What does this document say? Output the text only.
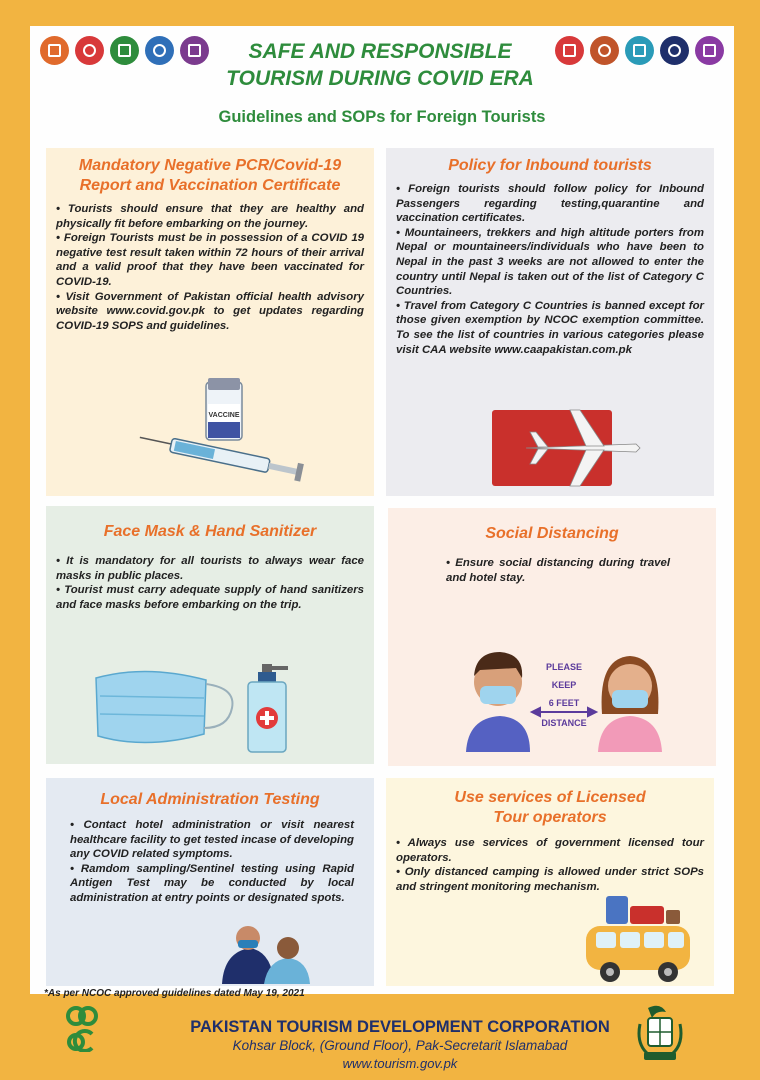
SAFE AND RESPONSIBLE
TOURISM DURING COVID ERA
Guidelines and SOPs for Foreign Tourists
Mandatory Negative PCR/Covid-19
Report and Vaccination Certificate
• Tourists should ensure that they are healthy and physically fit before embarking on the journey.
• Foreign Tourists must be in possession of a COVID 19 negative test result taken within 72 hours of their arrival and a valid proof that they have been vaccinated for COVID-19.
• Visit Government of Pakistan official health advisory website www.covid.gov.pk to get updates regarding COVID-19 SOPS and guidelines.
VACCINE
Policy for Inbound tourists
• Foreign tourists should follow policy for Inbound Passengers regarding testing,quarantine and vaccination certificates.
• Mountaineers, trekkers and high altitude porters from Nepal or mountaineers/individuals who have been to Nepal in the past 3 weeks are not allowed to enter the country until Nepal is taken out of the list of Category C Countries.
• Travel from Category C Countries is banned except for those given exemption by NCOC exemption committee. To see the list of countries in various categories please visit CAA website www.caapakistan.com.pk
Face Mask & Hand Sanitizer
• It is mandatory for all tourists to always wear face masks in public places.
• Tourist must carry adequate supply of hand sanitizers and face masks before embarking on the trip.
Social Distancing
• Ensure social distancing during travel and hotel stay.
PLEASE
KEEP
6 FEET
DISTANCE
Local Administration Testing
• Contact hotel administration or visit nearest healthcare facility to get tested incase of developing any COVID related symptoms.
• Ramdom sampling/Sentinel testing using Rapid Antigen Test may be conducted by local administration at entry points or designated spots.
Use services of Licensed
Tour operators
• Always use services of government licensed tour operators.
• Only distanced camping is allowed under strict SOPs and stringent monitoring mechanism.
*As per NCOC approved guidelines dated May 19, 2021
PAKISTAN TOURISM DEVELOPMENT CORPORATION
Kohsar Block, (Ground Floor), Pak-Secretarit Islamabad
www.tourism.gov.pk
